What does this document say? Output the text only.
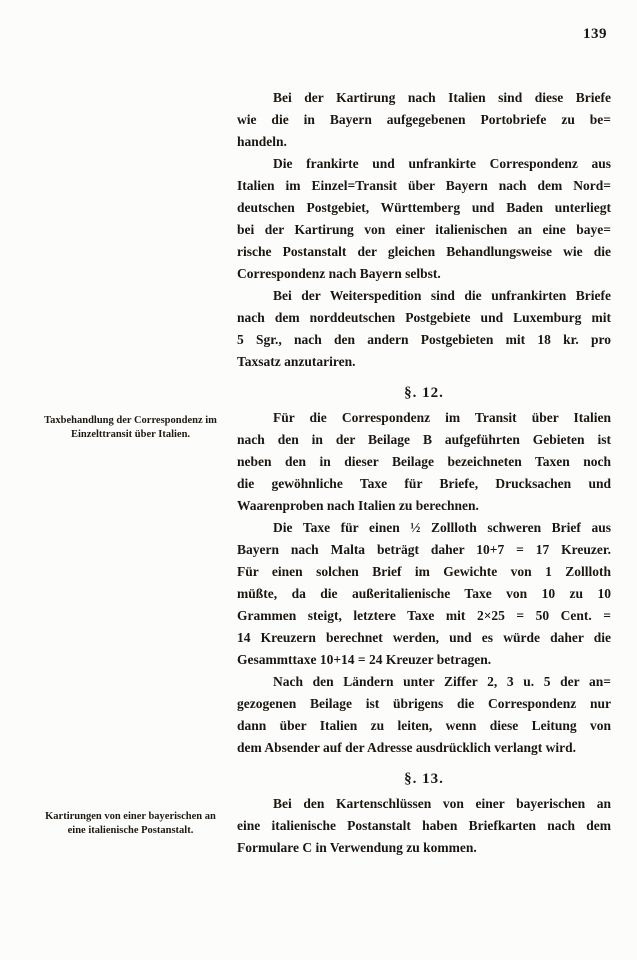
139
Taxbehandlung der Correspondenz im
Einzelttransit über Italien.
Kartirungen von einer bayerischen an
eine italienische Postanstalt.
Bei der Kartirung nach Italien sind diese Briefe
wie die in Bayern aufgegebenen Portobriefe zu be=
handeln.
Die frankirte und unfrankirte Correspondenz aus
Italien im Einzel=Transit über Bayern nach dem Nord=
deutschen Postgebiet, Württemberg und Baden unterliegt
bei der Kartirung von einer italienischen an eine baye=
rische Postanstalt der gleichen Behandlungsweise wie die
Correspondenz nach Bayern selbst.
Bei der Weiterspedition sind die unfrankirten Briefe
nach dem norddeutschen Postgebiete und Luxemburg mit
5 Sgr., nach den andern Postgebieten mit 18 kr. pro
Taxsatz anzutariren.
§. 12.
Für die Correspondenz im Transit über Italien
nach den in der Beilage B aufgeführten Gebieten ist
neben den in dieser Beilage bezeichneten Taxen noch
die gewöhnliche Taxe für Briefe, Drucksachen und
Waarenproben nach Italien zu berechnen.
Die Taxe für einen ½ Zollloth schweren Brief aus
Bayern nach Malta beträgt daher 10+7 = 17 Kreuzer.
Für einen solchen Brief im Gewichte von 1 Zollloth
müßte, da die außeritalienische Taxe von 10 zu 10
Grammen steigt, letztere Taxe mit 2×25 = 50 Cent. =
14 Kreuzern berechnet werden, und es würde daher die
Gesammttaxe 10+14 = 24 Kreuzer betragen.
Nach den Ländern unter Ziffer 2, 3 u. 5 der an=
gezogenen Beilage ist übrigens die Correspondenz nur
dann über Italien zu leiten, wenn diese Leitung von
dem Absender auf der Adresse ausdrücklich verlangt wird.
§. 13.
Bei den Kartenschlüssen von einer bayerischen an
eine italienische Postanstalt haben Briefkarten nach dem
Formulare C in Verwendung zu kommen.
